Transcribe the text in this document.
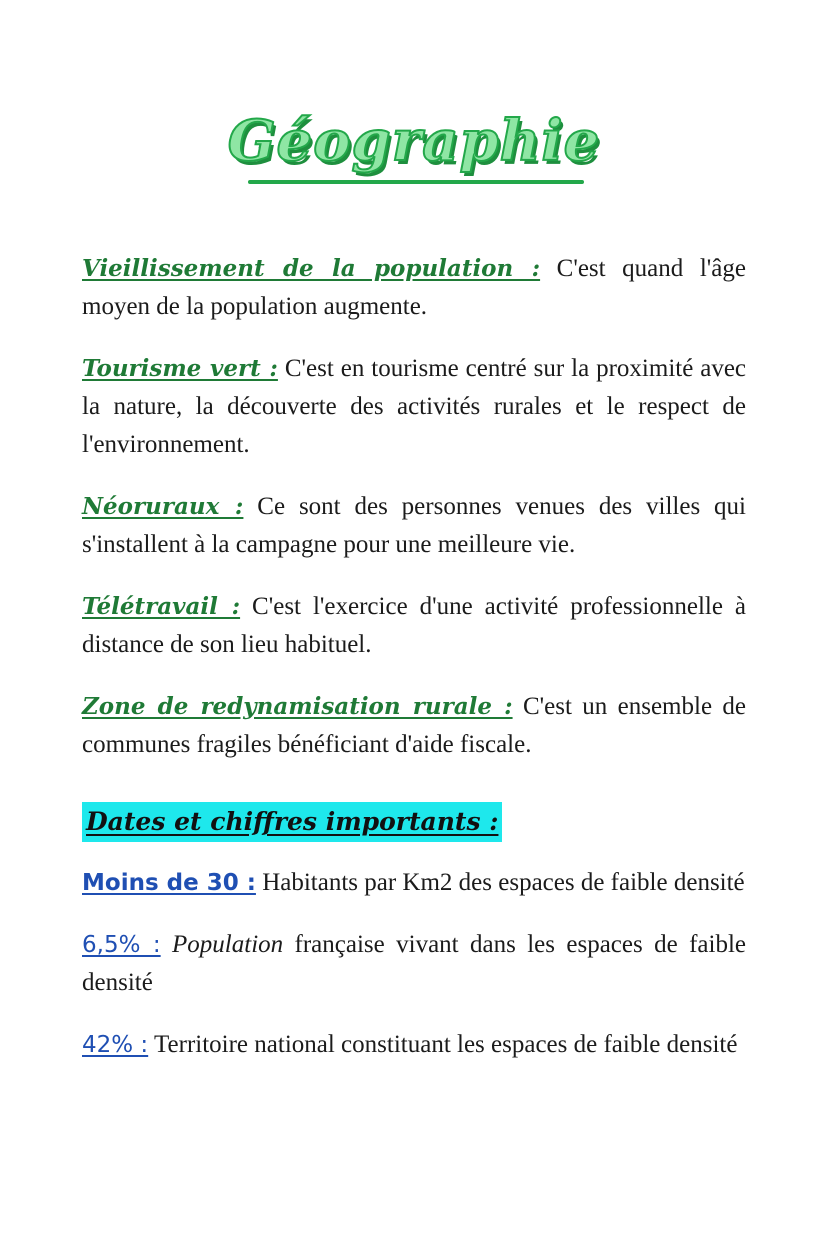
Géographie

Vieillissement de la population : C'est quand l'âge moyen de la population augmente.

Tourisme vert : C'est en tourisme centré sur la proximité avec la nature, la découverte des activités rurales et le respect de l'environnement.

Néoruraux : Ce sont des personnes venues des villes qui s'installent à la campagne pour une meilleure vie.

Télétravail : C'est l'exercice d'une activité professionnelle à distance de son lieu habituel.

Zone de redynamisation rurale : C'est un ensemble de communes fragiles bénéficiant d'aide fiscale.

Dates et chiffres importants :

Moins de 30 : Habitants par Km2 des espaces de faible densité

6,5% : Population française vivant dans les espaces de faible densité

42% : Territoire national constituant les espaces de faible densité
